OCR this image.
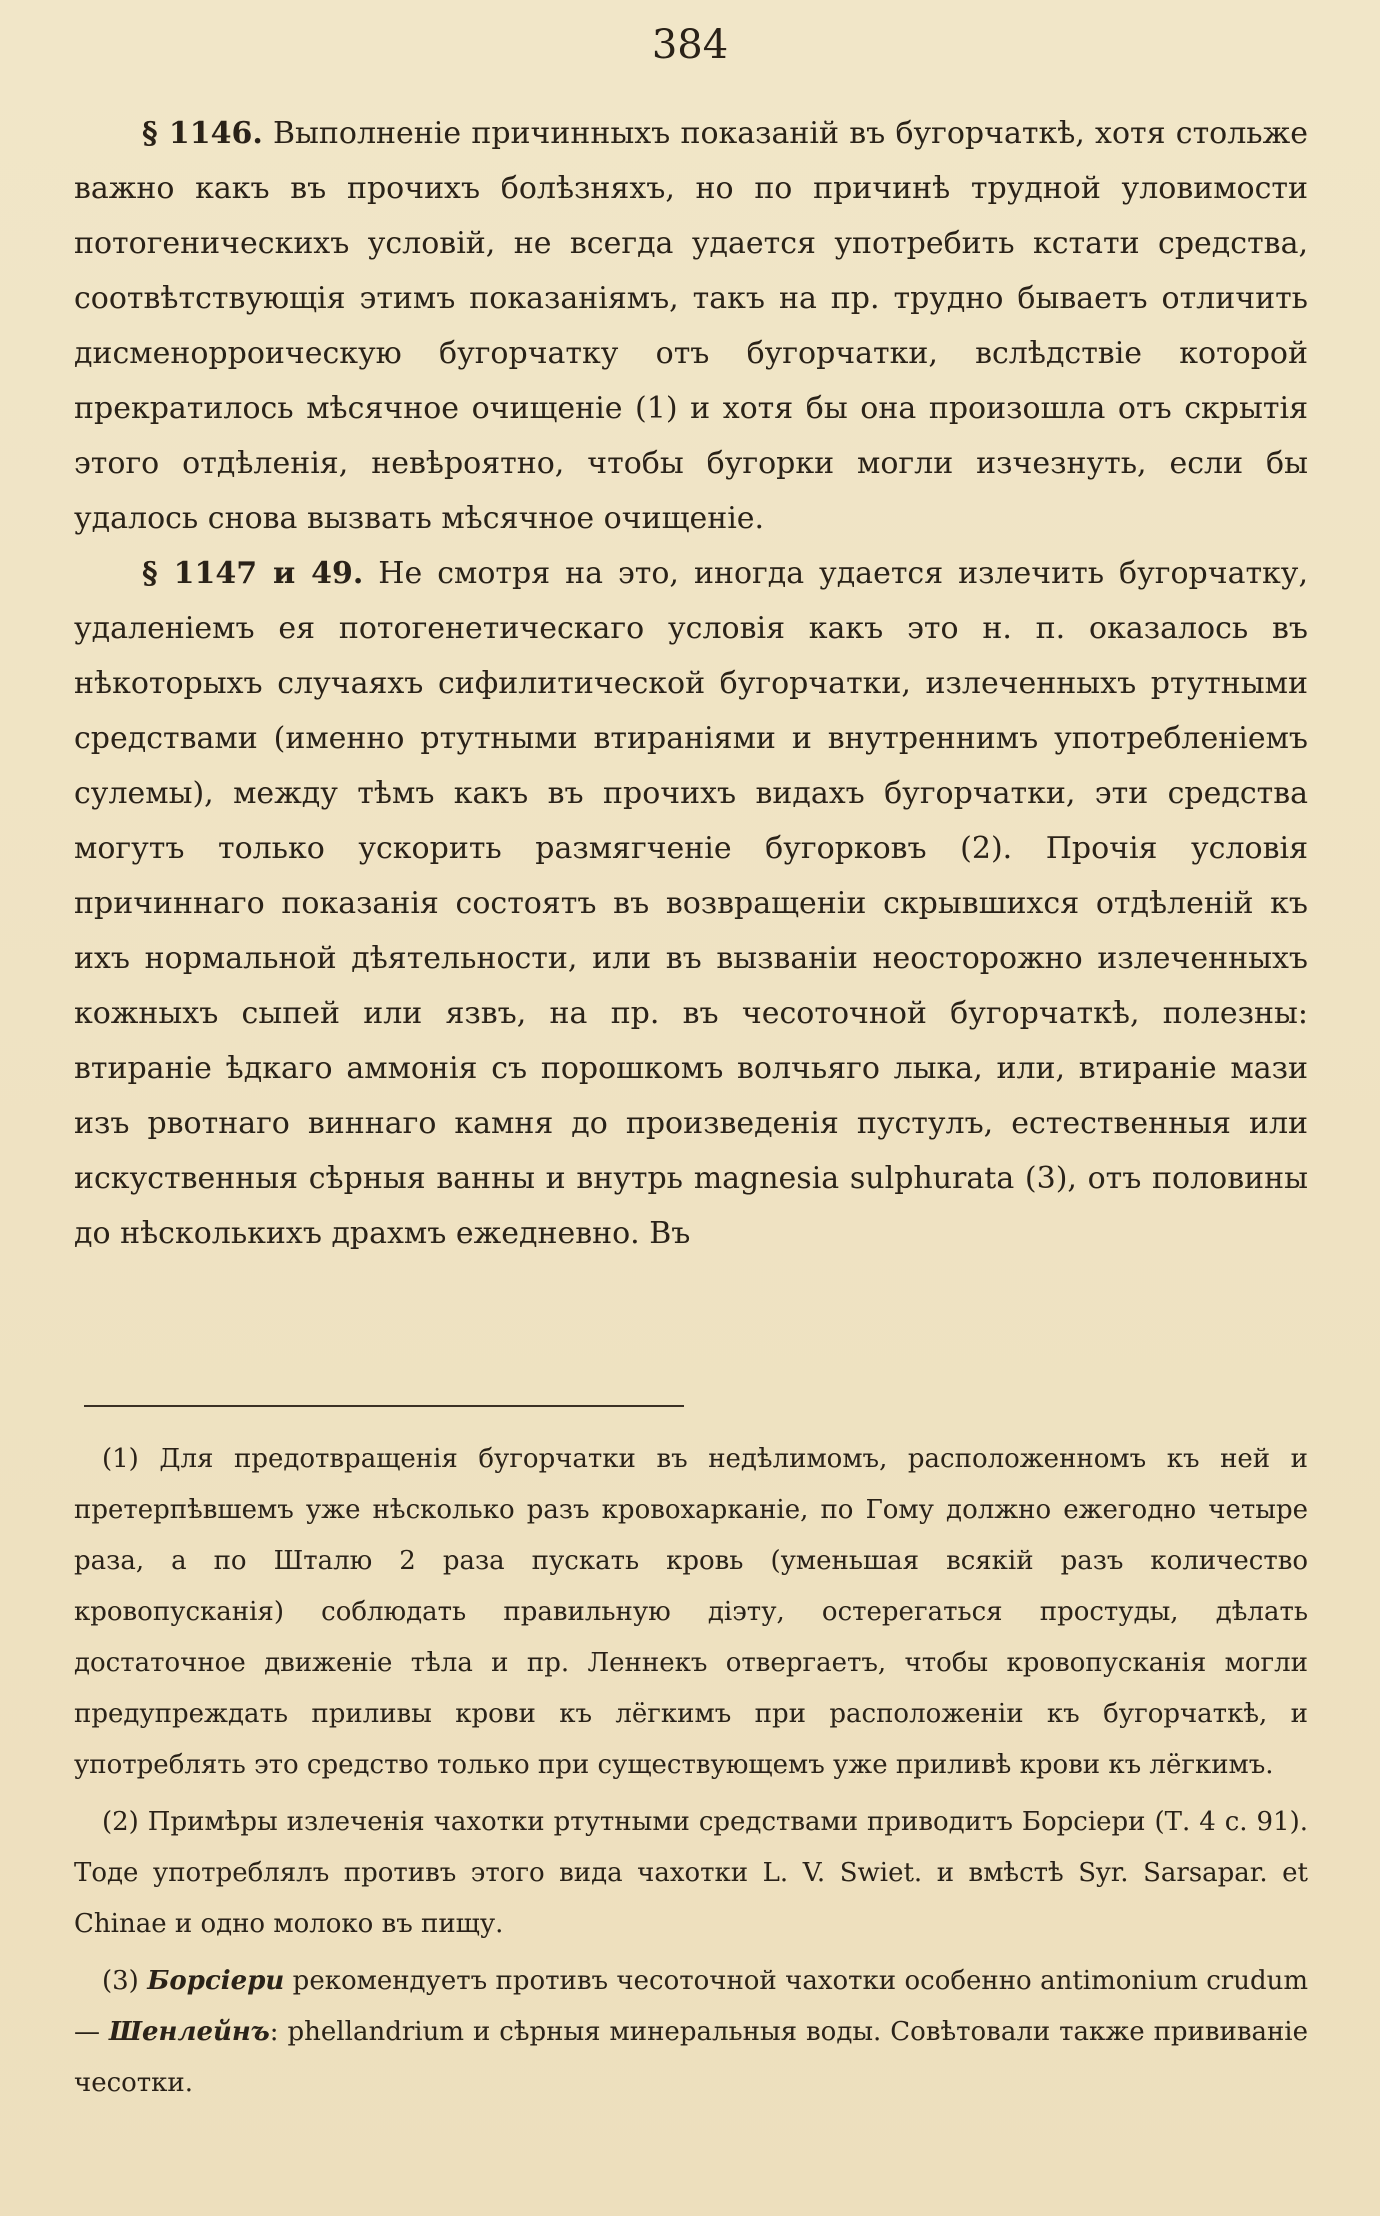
384

§ 1146. Выполненіе причинныхъ показаній въ бугорчаткѣ, хотя стольже важно какъ въ прочихъ болѣзняхъ, но по причинѣ трудной уловимости потогеническихъ условій, не всегда удается употребить кстати средства, соотвѣтствующія этимъ показаніямъ, такъ на пр. трудно бываетъ отличить дисменорроическую бугорчатку отъ бугорчатки, вслѣдствіе которой прекратилось мѣсячное очищеніе (1) и хотя бы она произошла отъ скрытія этого отдѣленія, невѣроятно, чтобы бугорки могли изчезнуть, если бы удалось снова вызвать мѣсячное очищеніе.

§ 1147 и 49. Не смотря на это, иногда удается излечить бугорчатку, удаленіемъ ея потогенетическаго условія какъ это н. п. оказалось въ нѣкоторыхъ случаяхъ сифилитической бугорчатки, излеченныхъ ртутными средствами (именно ртутными втираніями и внутреннимъ употребленіемъ сулемы), между тѣмъ какъ въ прочихъ видахъ бугорчатки, эти средства могутъ только ускорить размягченіе бугорковъ (2). Прочія условія причиннаго показанія состоятъ въ возвращеніи скрывшихся отдѣленій къ ихъ нормальной дѣятельности, или въ вызваніи неосторожно излеченныхъ кожныхъ сыпей или язвъ, на пр. въ чесоточной бугорчаткѣ, полезны: втираніе ѣдкаго аммонія съ порошкомъ волчьяго лыка, или, втираніе мази изъ рвотнаго виннаго камня до произведенія пустулъ, естественныя или искуственныя сѣрныя ванны и внутрь magnesia sulphurata (3), отъ половины до нѣсколькихъ драхмъ ежедневно. Въ

(1) Для предотвращенія бугорчатки въ недѣлимомъ, расположенномъ къ ней и претерпѣвшемъ уже нѣсколько разъ кровохарканіе, по Гому должно ежегодно четыре раза, а по Шталю 2 раза пускать кровь (уменьшая всякій разъ количество кровопусканія) соблюдать правильную діэту, остерегаться простуды, дѣлать достаточное движеніе тѣла и пр. Леннекъ отвергаетъ, чтобы кровопусканія могли предупреждать приливы крови къ лёгкимъ при расположеніи къ бугорчаткѣ, и употреблять это средство только при существующемъ уже приливѣ крови къ лёгкимъ.

(2) Примѣры излеченія чахотки ртутными средствами приводитъ Борсіери (Т. 4 с. 91). Тоде употреблялъ противъ этого вида чахотки L. V. Swiet. и вмѣстѣ Syr. Sarsapar. et Chinae и одно молоко въ пищу.

(3) Борсіери рекомендуетъ противъ чесоточной чахотки особенно antimonium crudum — Шенлейнъ: phellandrium и сѣрныя минеральныя воды. Совѣтовали также прививаніе чесотки.
